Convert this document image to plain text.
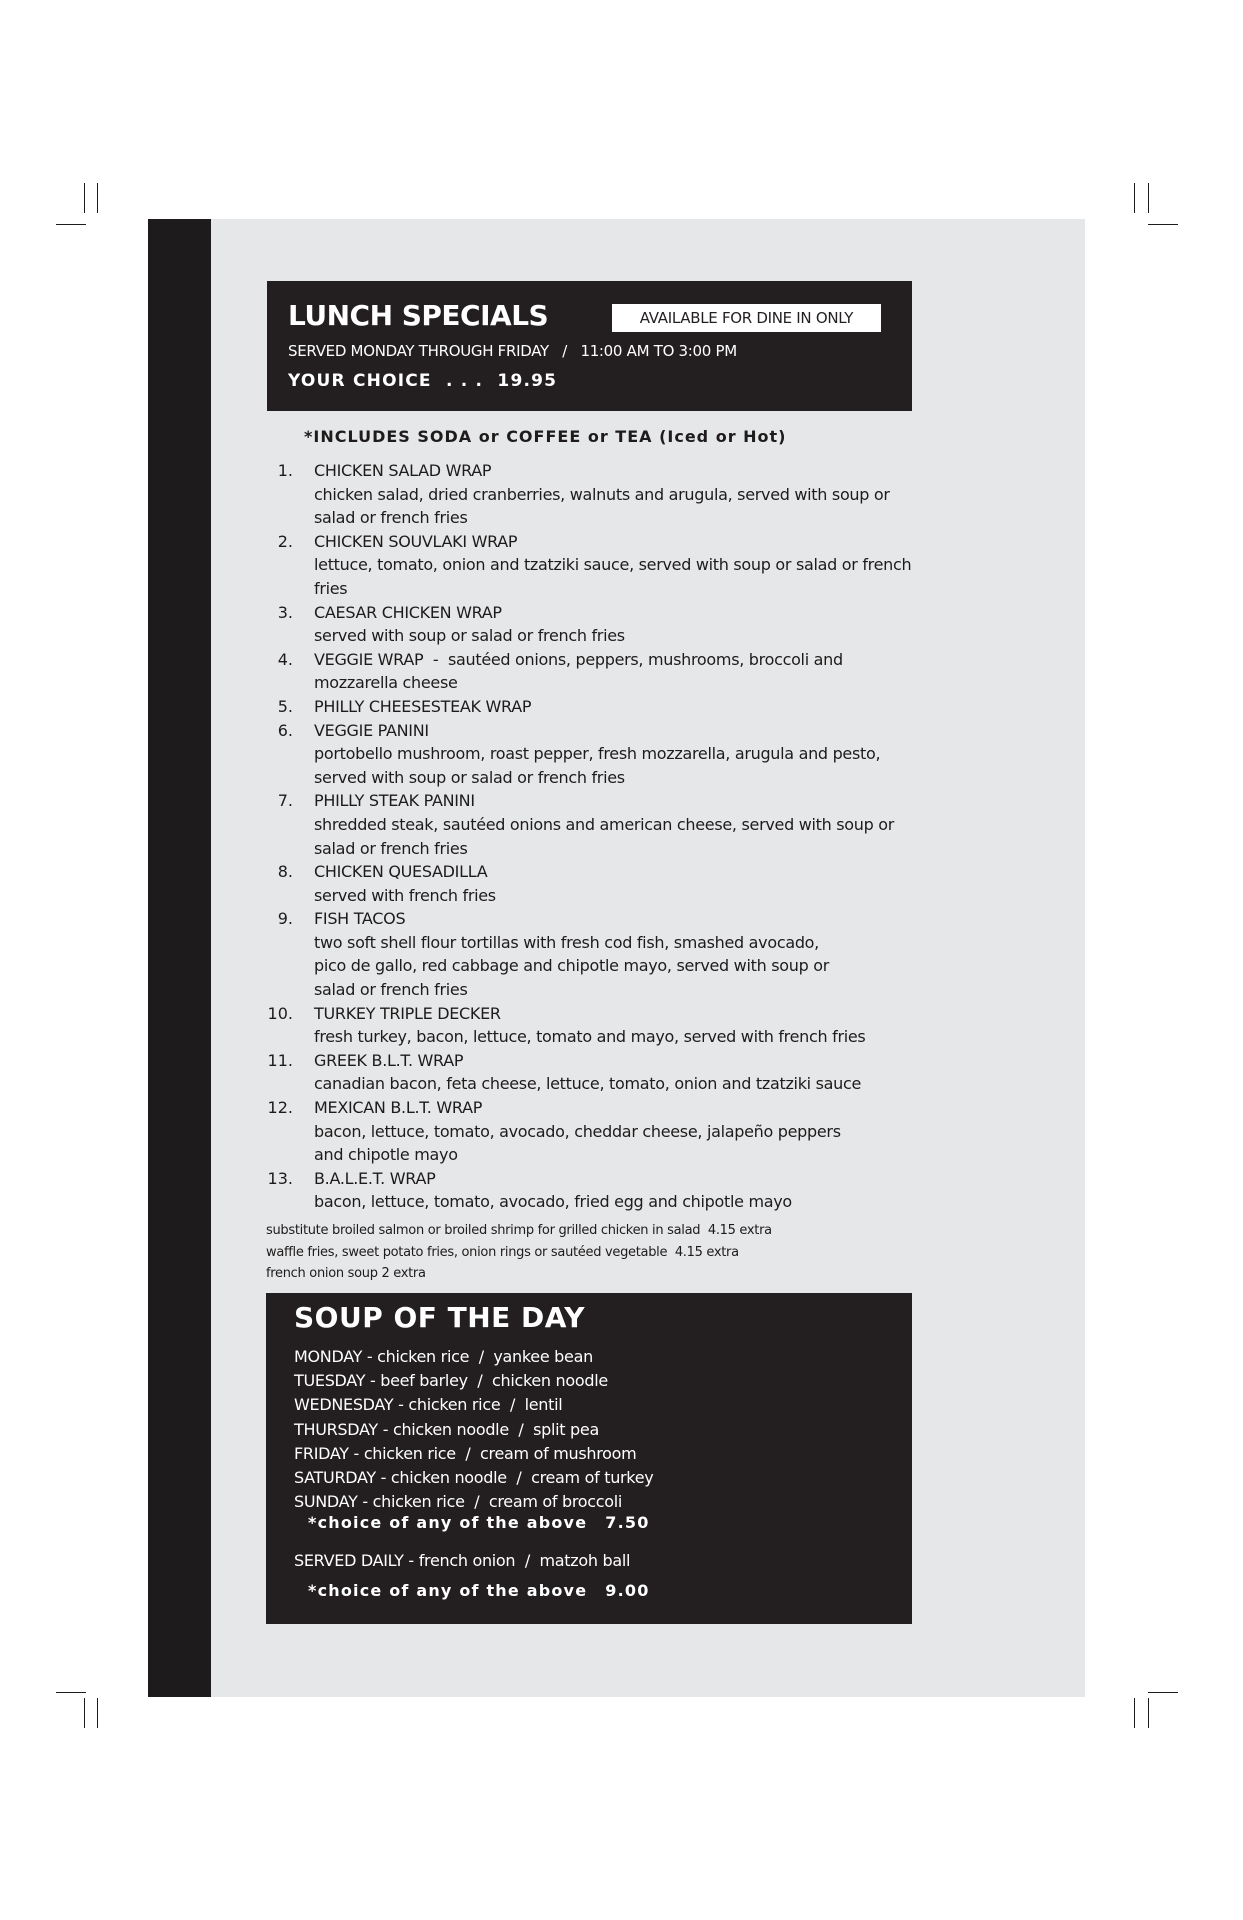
LUNCH SPECIALS	AVAILABLE FOR DINE IN ONLY
SERVED MONDAY THROUGH FRIDAY   /   11:00 AM TO 3:00 PM
YOUR CHOICE  . . .  19.95
*INCLUDES SODA or COFFEE or TEA (Iced or Hot)
1. CHICKEN SALAD WRAP
chicken salad, dried cranberries, walnuts and arugula, served with soup or salad or french fries
2. CHICKEN SOUVLAKI WRAP
lettuce, tomato, onion and tzatziki sauce, served with soup or salad or french fries
3. CAESAR CHICKEN WRAP
served with soup or salad or french fries
4. VEGGIE WRAP  -  sautéed onions, peppers, mushrooms, broccoli and
mozzarella cheese
5. PHILLY CHEESESTEAK WRAP
6. VEGGIE PANINI
portobello mushroom, roast pepper, fresh mozzarella, arugula and pesto, served with soup or salad or french fries
7. PHILLY STEAK PANINI
shredded steak, sautéed onions and american cheese, served with soup or salad or french fries
8. CHICKEN QUESADILLA
served with french fries
9. FISH TACOS
two soft shell flour tortillas with fresh cod fish, smashed avocado, pico de gallo, red cabbage and chipotle mayo, served with soup or salad or french fries
10. TURKEY TRIPLE DECKER
fresh turkey, bacon, lettuce, tomato and mayo, served with french fries
11. GREEK B.L.T. WRAP
canadian bacon, feta cheese, lettuce, tomato, onion and tzatziki sauce
12. MEXICAN B.L.T. WRAP
bacon, lettuce, tomato, avocado, cheddar cheese, jalapeño peppers and chipotle mayo
13. B.A.L.E.T. WRAP
bacon, lettuce, tomato, avocado, fried egg and chipotle mayo
substitute broiled salmon or broiled shrimp for grilled chicken in salad  4.15 extra
waffle fries, sweet potato fries, onion rings or sautéed vegetable  4.15 extra
french onion soup 2 extra
SOUP OF THE DAY
MONDAY - chicken rice  /  yankee bean
TUESDAY - beef barley  /  chicken noodle
WEDNESDAY - chicken rice  /  lentil
THURSDAY - chicken noodle  /  split pea
FRIDAY - chicken rice  /  cream of mushroom
SATURDAY - chicken noodle  /  cream of turkey
SUNDAY - chicken rice  /  cream of broccoli
*choice of any of the above 7.50
SERVED DAILY - french onion  /  matzoh ball
*choice of any of the above 9.00
